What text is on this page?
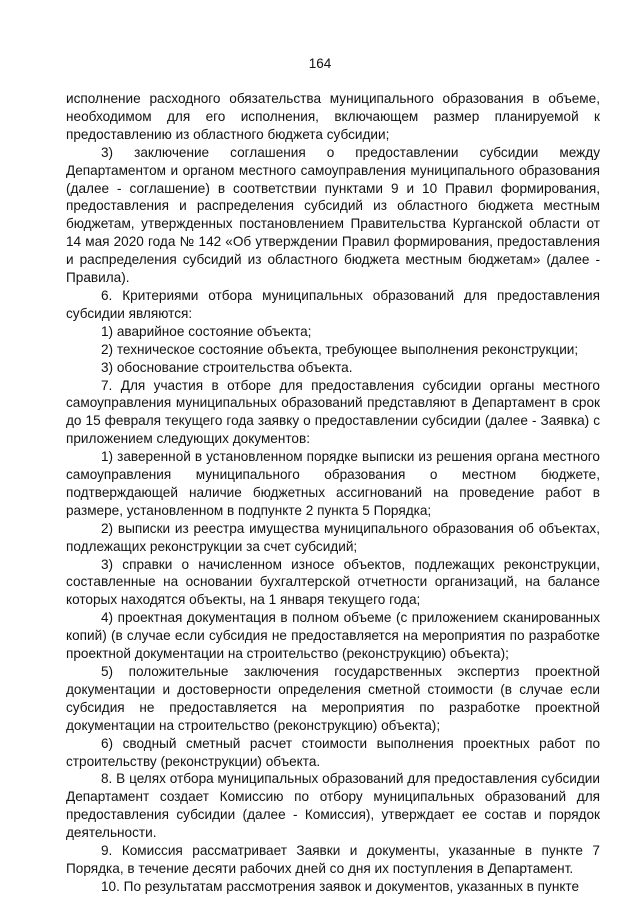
164

исполнение расходного обязательства муниципального образования в объеме, необходимом для его исполнения, включающем размер планируемой к предоставлению из областного бюджета субсидии;

3) заключение соглашения о предоставлении субсидии между Департаментом и органом местного самоуправления муниципального образования (далее - соглашение) в соответствии пунктами 9 и 10 Правил формирования, предоставления и распределения субсидий из областного бюджета местным бюджетам, утвержденных постановлением Правительства Курганской области от 14 мая 2020 года № 142 «Об утверждении Правил формирования, предоставления и распределения субсидий из областного бюджета местным бюджетам» (далее - Правила).

6. Критериями отбора муниципальных образований для предоставления субсидии являются:

1) аварийное состояние объекта;

2) техническое состояние объекта, требующее выполнения реконструкции;

3) обоснование строительства объекта.

7. Для участия в отборе для предоставления субсидии органы местного самоуправления муниципальных образований представляют в Департамент в срок до 15 февраля текущего года заявку о предоставлении субсидии (далее - Заявка) с приложением следующих документов:

1) заверенной в установленном порядке выписки из решения органа местного самоуправления муниципального образования о местном бюджете, подтверждающей наличие бюджетных ассигнований на проведение работ в размере, установленном в подпункте 2 пункта 5 Порядка;

2) выписки из реестра имущества муниципального образования об объектах, подлежащих реконструкции за счет субсидий;

3) справки о начисленном износе объектов, подлежащих реконструкции, составленные на основании бухгалтерской отчетности организаций, на балансе которых находятся объекты, на 1 января текущего года;

4) проектная документация в полном объеме (с приложением сканированных копий) (в случае если субсидия не предоставляется на мероприятия по разработке проектной документации на строительство (реконструкцию) объекта);

5) положительные заключения государственных экспертиз проектной документации и достоверности определения сметной стоимости (в случае если субсидия не предоставляется на мероприятия по разработке проектной документации на строительство (реконструкцию) объекта);

6) сводный сметный расчет стоимости выполнения проектных работ по строительству (реконструкции) объекта.

8. В целях отбора муниципальных образований для предоставления субсидии Департамент создает Комиссию по отбору муниципальных образований для предоставления субсидии (далее - Комиссия), утверждает ее состав и порядок деятельности.

9. Комиссия рассматривает Заявки и документы, указанные в пункте 7 Порядка, в течение десяти рабочих дней со дня их поступления в Департамент.

10. По результатам рассмотрения заявок и документов, указанных в пункте
